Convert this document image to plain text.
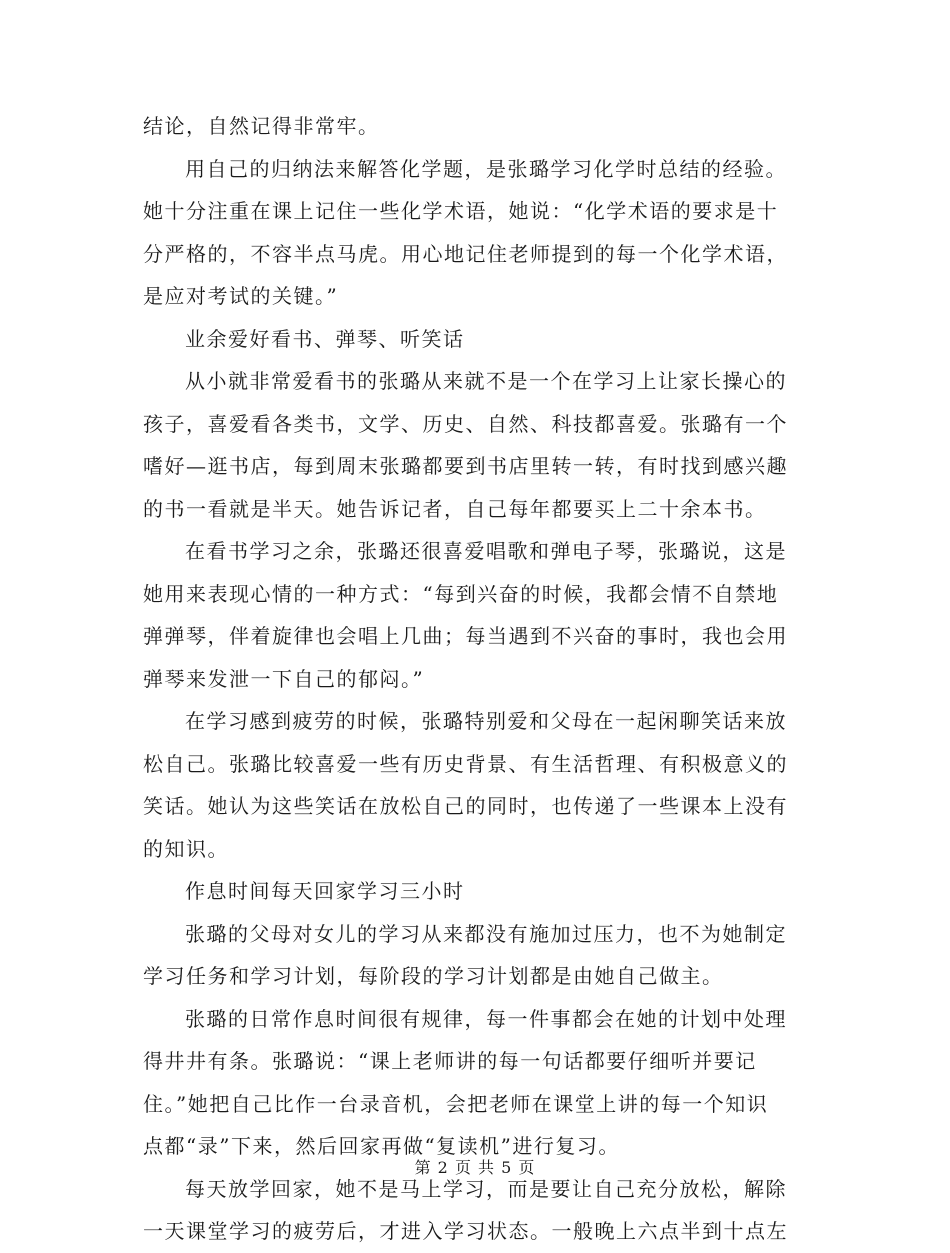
结论，自然记得非常牢。
用自己的归纳法来解答化学题，是张璐学习化学时总结的经验。
她十分注重在课上记住一些化学术语，她说：“化学术语的要求是十
分严格的，不容半点马虎。用心地记住老师提到的每一个化学术语，
是应对考试的关键。”
业余爱好看书、弹琴、听笑话
从小就非常爱看书的张璐从来就不是一个在学习上让家长操心的
孩子，喜爱看各类书，文学、历史、自然、科技都喜爱。张璐有一个
嗜好—逛书店，每到周末张璐都要到书店里转一转，有时找到感兴趣
的书一看就是半天。她告诉记者，自己每年都要买上二十余本书。
在看书学习之余，张璐还很喜爱唱歌和弹电子琴，张璐说，这是
她用来表现心情的一种方式：“每到兴奋的时候，我都会情不自禁地
弹弹琴，伴着旋律也会唱上几曲；每当遇到不兴奋的事时，我也会用
弹琴来发泄一下自己的郁闷。”
在学习感到疲劳的时候，张璐特别爱和父母在一起闲聊笑话来放
松自己。张璐比较喜爱一些有历史背景、有生活哲理、有积极意义的
笑话。她认为这些笑话在放松自己的同时，也传递了一些课本上没有
的知识。
作息时间每天回家学习三小时
张璐的父母对女儿的学习从来都没有施加过压力，也不为她制定
学习任务和学习计划，每阶段的学习计划都是由她自己做主。
张璐的日常作息时间很有规律，每一件事都会在她的计划中处理
得井井有条。张璐说：“课上老师讲的每一句话都要仔细听并要记
住。”她把自己比作一台录音机，会把老师在课堂上讲的每一个知识
点都“录”下来，然后回家再做“复读机”进行复习。
每天放学回家，她不是马上学习，而是要让自己充分放松，解除
一天课堂学习的疲劳后，才进入学习状态。一般晚上六点半到十点左
第 2 页 共 5 页
